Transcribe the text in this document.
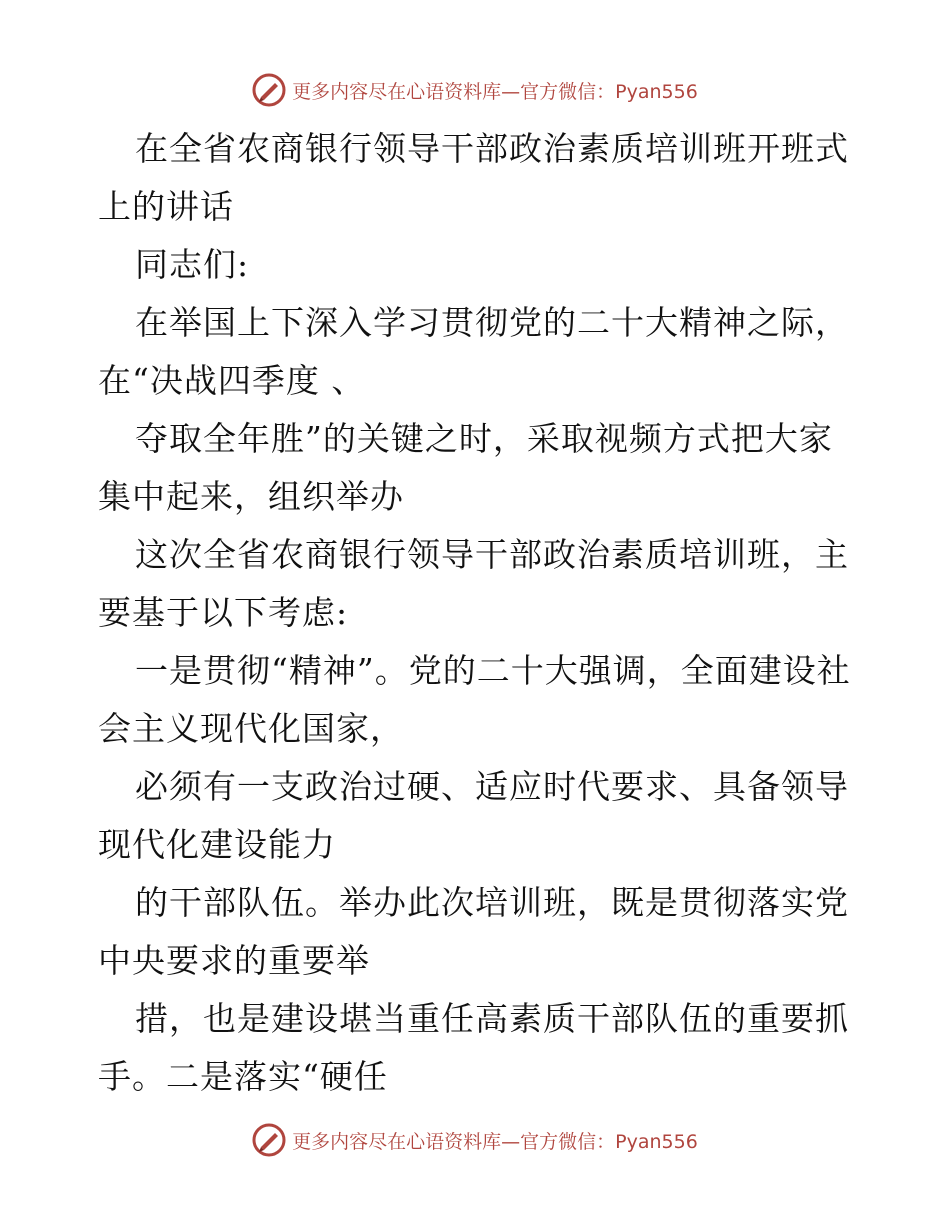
更多内容尽在心语资料库—官方微信：Pyan556

在全省农商银行领导干部政治素质培训班开班式上的讲话

同志们:

在举国上下深入学习贯彻党的二十大精神之际，在“决战四季度 、

夺取全年胜”的关键之时，采取视频方式把大家集中起来，组织举办

这次全省农商银行领导干部政治素质培训班，主要基于以下考虑:

一是贯彻“精神”。党的二十大强调，全面建设社会主义现代化国家，

必须有一支政治过硬、适应时代要求、具备领导现代化建设能力

的干部队伍。举办此次培训班，既是贯彻落实党中央要求的重要举

措，也是建设堪当重任高素质干部队伍的重要抓手。二是落实“硬任

更多内容尽在心语资料库—官方微信：Pyan556
